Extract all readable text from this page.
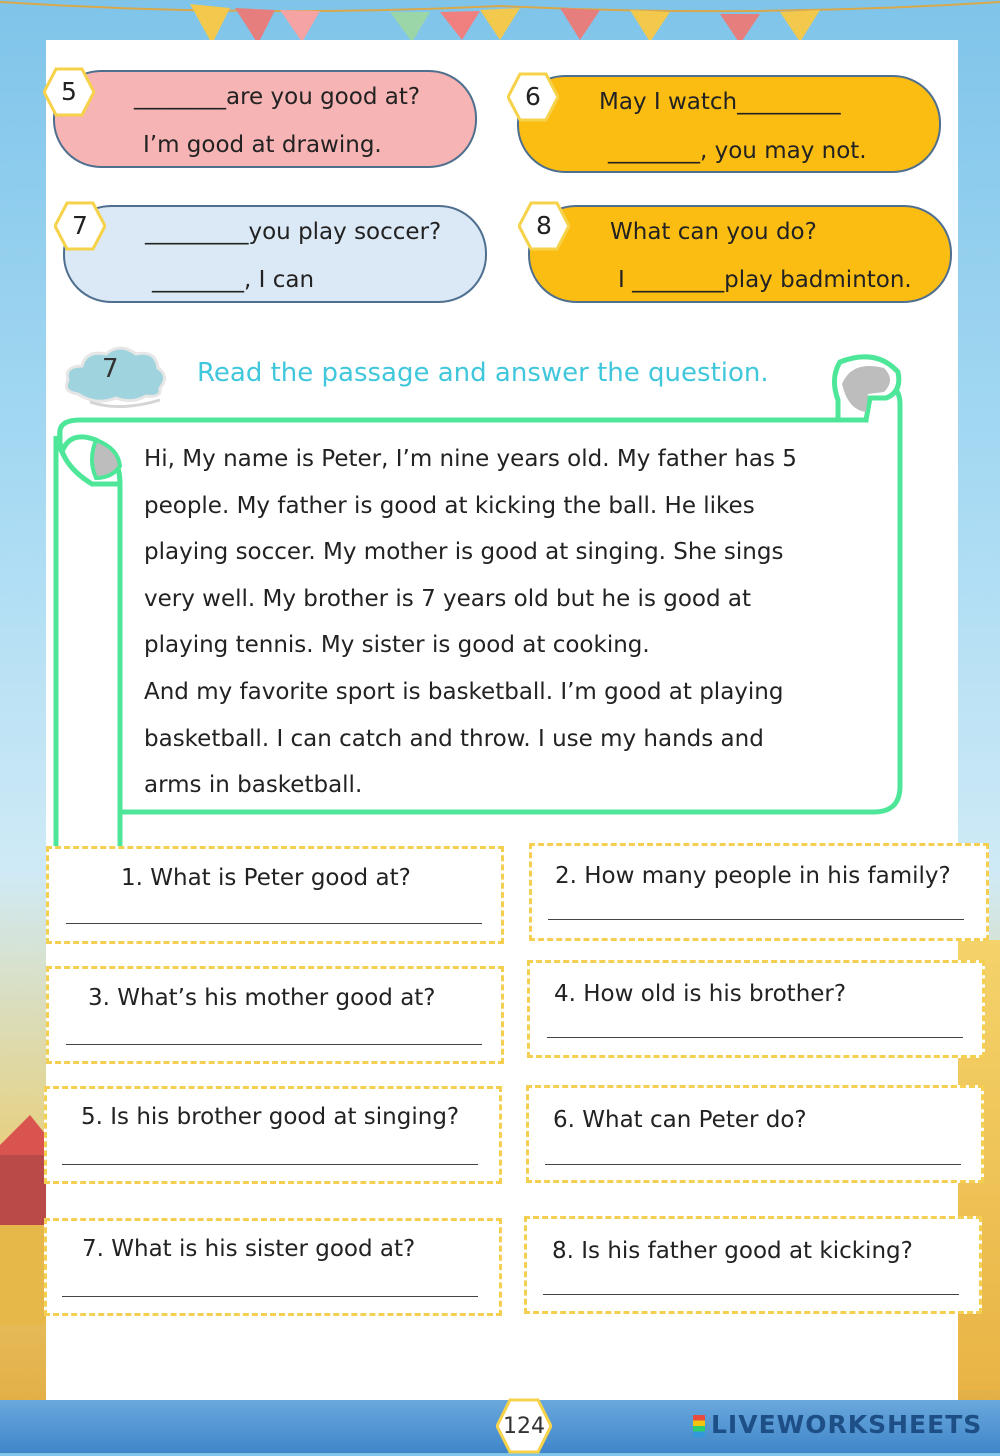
________are you good at?
I’m good at drawing.
5	May I watch_________
________, you may not.
6
_________you play soccer?
________, I can
7	What can you do?
I ________play badminton.
8
7	Read the passage and answer the question.

Hi, My name is Peter, I’m nine years old. My father has 5

people. My father is good at kicking the ball. He likes

playing soccer. My mother is good at singing. She sings

very well. My brother is 7 years old but he is good at

playing tennis. My sister is good at cooking.

And my favorite sport is basketball. I’m good at playing

basketball. I can catch and throw. I use my hands and

arms in basketball.

1. What is Peter good at?	2. How many people in his family?
3. What’s his mother good at?	4. How old is his brother?
5. Is his brother good at singing?	6. What can Peter do?
7. What is his sister good at?	8. Is his father good at kicking?
124	LIVEWORKSHEETS
